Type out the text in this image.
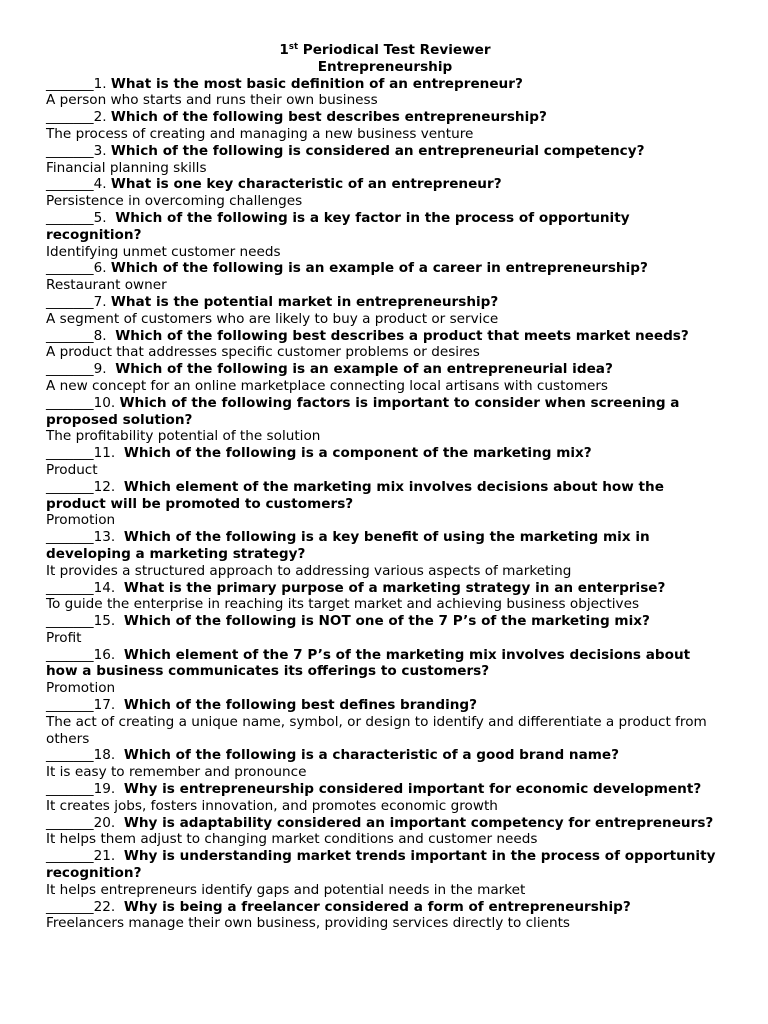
1st Periodical Test Reviewer

Entrepreneurship

_______1. What is the most basic definition of an entrepreneur?

A person who starts and runs their own business

_______2. Which of the following best describes entrepreneurship?

The process of creating and managing a new business venture

_______3. Which of the following is considered an entrepreneurial competency?

Financial planning skills

_______4. What is one key characteristic of an entrepreneur?

Persistence in overcoming challenges

_______5. Which of the following is a key factor in the process of opportunity recognition?

Identifying unmet customer needs

_______6. Which of the following is an example of a career in entrepreneurship?

Restaurant owner

_______7. What is the potential market in entrepreneurship?

A segment of customers who are likely to buy a product or service

_______8. Which of the following best describes a product that meets market needs?

A product that addresses specific customer problems or desires

_______9. Which of the following is an example of an entrepreneurial idea?

A new concept for an online marketplace connecting local artisans with customers

_______10. Which of the following factors is important to consider when screening a proposed solution?

The profitability potential of the solution

_______11. Which of the following is a component of the marketing mix?

Product

_______12. Which element of the marketing mix involves decisions about how the product will be promoted to customers?

Promotion

_______13. Which of the following is a key benefit of using the marketing mix in developing a marketing strategy?

It provides a structured approach to addressing various aspects of marketing

_______14. What is the primary purpose of a marketing strategy in an enterprise?

To guide the enterprise in reaching its target market and achieving business objectives

_______15. Which of the following is NOT one of the 7 P’s of the marketing mix?

Profit

_______16. Which element of the 7 P’s of the marketing mix involves decisions about how a business communicates its offerings to customers?

Promotion

_______17. Which of the following best defines branding?

The act of creating a unique name, symbol, or design to identify and differentiate a product from others

_______18. Which of the following is a characteristic of a good brand name?

It is easy to remember and pronounce

_______19. Why is entrepreneurship considered important for economic development?

It creates jobs, fosters innovation, and promotes economic growth

_______20. Why is adaptability considered an important competency for entrepreneurs?

It helps them adjust to changing market conditions and customer needs

_______21. Why is understanding market trends important in the process of opportunity recognition?

It helps entrepreneurs identify gaps and potential needs in the market

_______22. Why is being a freelancer considered a form of entrepreneurship?

Freelancers manage their own business, providing services directly to clients
